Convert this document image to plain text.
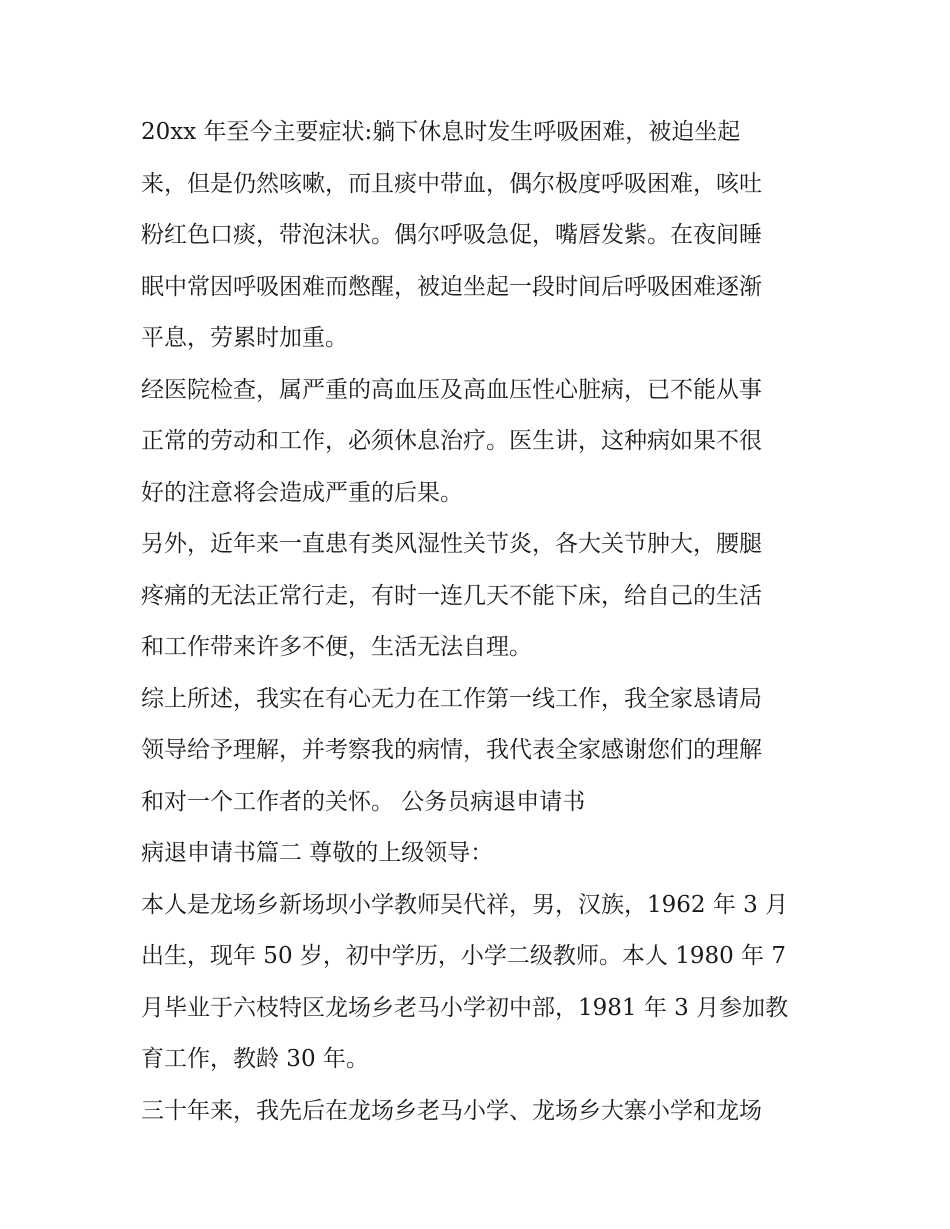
20xx 年至今主要症状:躺下休息时发生呼吸困难，被迫坐起
来，但是仍然咳嗽，而且痰中带血，偶尔极度呼吸困难，咳吐
粉红色口痰，带泡沫状。偶尔呼吸急促，嘴唇发紫。在夜间睡
眠中常因呼吸困难而憋醒，被迫坐起一段时间后呼吸困难逐渐
平息，劳累时加重。
经医院检查，属严重的高血压及高血压性心脏病，已不能从事
正常的劳动和工作，必须休息治疗。医生讲，这种病如果不很
好的注意将会造成严重的后果。
另外，近年来一直患有类风湿性关节炎，各大关节肿大，腰腿
疼痛的无法正常行走，有时一连几天不能下床，给自己的生活
和工作带来许多不便，生活无法自理。
综上所述，我实在有心无力在工作第一线工作，我全家恳请局
领导给予理解，并考察我的病情，我代表全家感谢您们的理解
和对一个工作者的关怀。 公务员病退申请书
病退申请书篇二 尊敬的上级领导：
本人是龙场乡新场坝小学教师吴代祥，男，汉族，1962 年 3 月
出生，现年 50 岁，初中学历，小学二级教师。本人 1980 年 7
月毕业于六枝特区龙场乡老马小学初中部，1981 年 3 月参加教
育工作，教龄 30 年。
三十年来，我先后在龙场乡老马小学、龙场乡大寨小学和龙场
